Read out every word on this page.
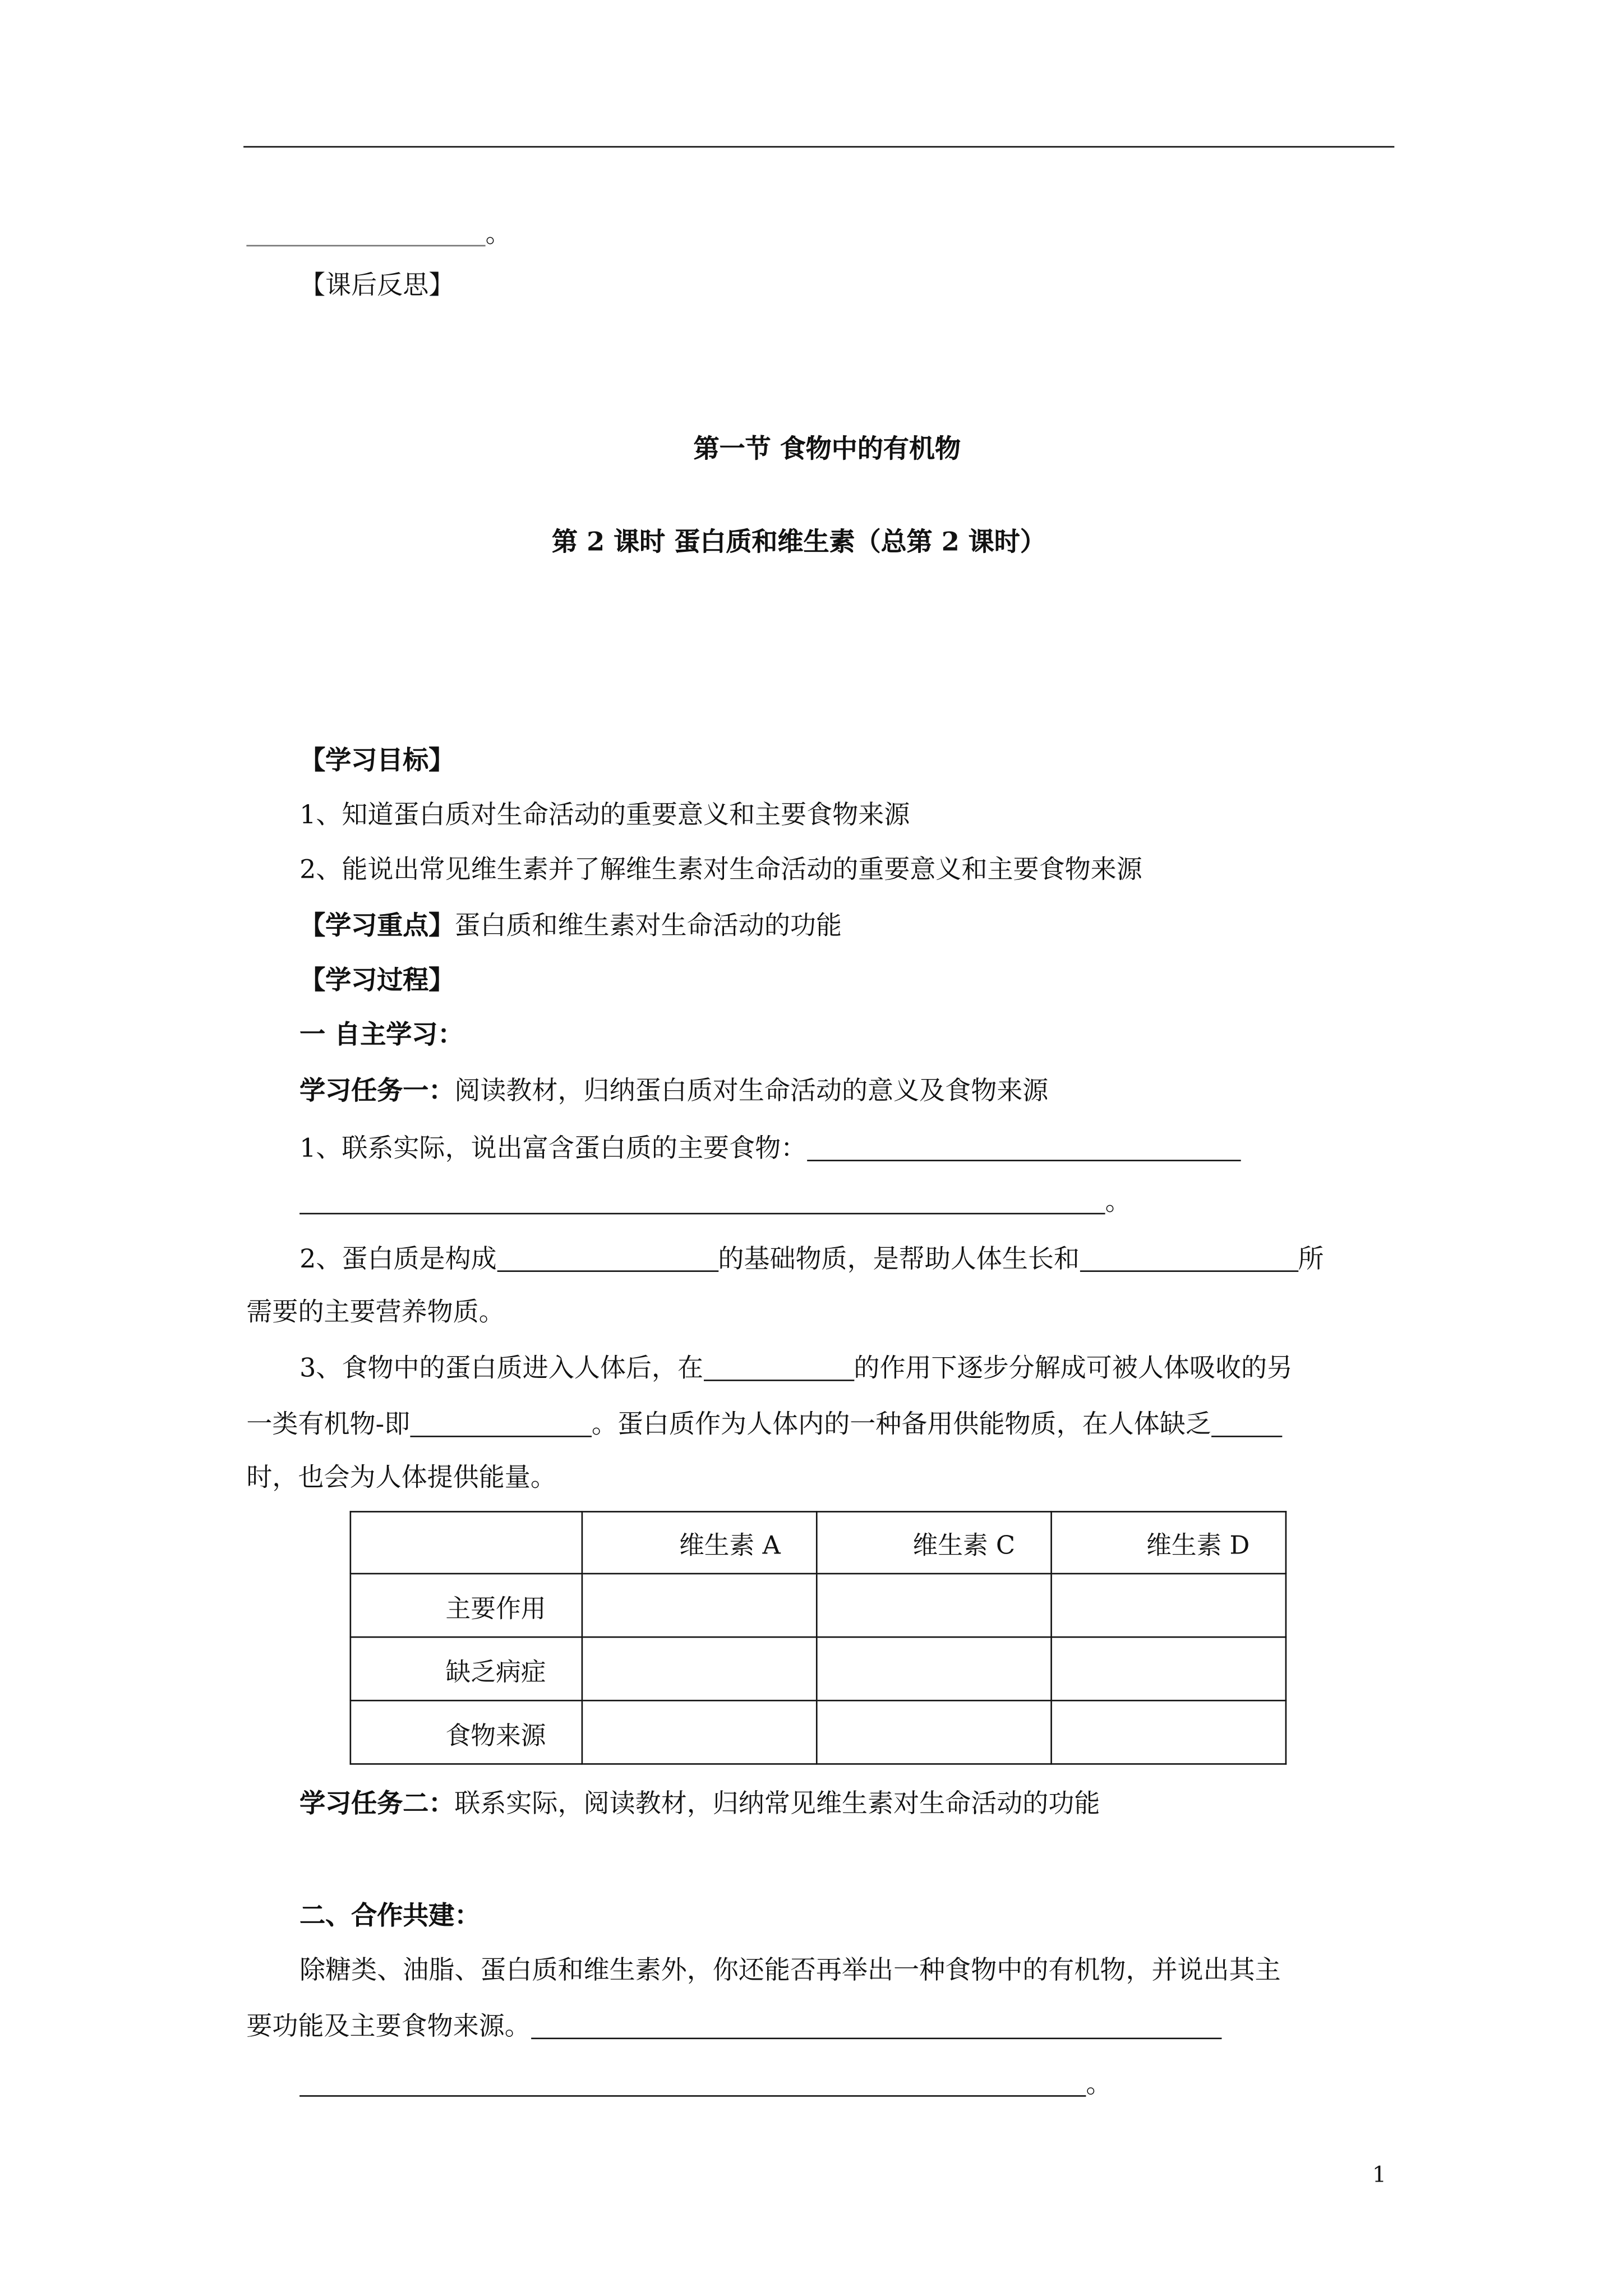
。
【课后反思】
第一节 食物中的有机物
第 2 课时 蛋白质和维生素（总第 2 课时）
【学习目标】
1、知道蛋白质对生命活动的重要意义和主要食物来源
2、能说出常见维生素并了解维生素对生命活动的重要意义和主要食物来源
【学习重点】蛋白质和维生素对生命活动的功能
【学习过程】
一 自主学习：
学习任务一：阅读教材，归纳蛋白质对生命活动的意义及食物来源
1、联系实际，说出富含蛋白质的主要食物：
。
2、蛋白质是构成	的基础物质，是帮助人体生长和	所
需要的主要营养物质。
3、食物中的蛋白质进入人体后，在	的作用下逐步分解成可被人体吸收的另
一类有机物-即	。蛋白质作为人体内的一种备用供能物质，在人体缺乏
时，也会为人体提供能量。
	维生素 A	维生素 C	维生素 D
主要作用			
缺乏病症			
食物来源			
学习任务二：联系实际，阅读教材，归纳常见维生素对生命活动的功能
二、合作共建：
除糖类、油脂、蛋白质和维生素外，你还能否再举出一种食物中的有机物，并说出其主
要功能及主要食物来源。
。
1
